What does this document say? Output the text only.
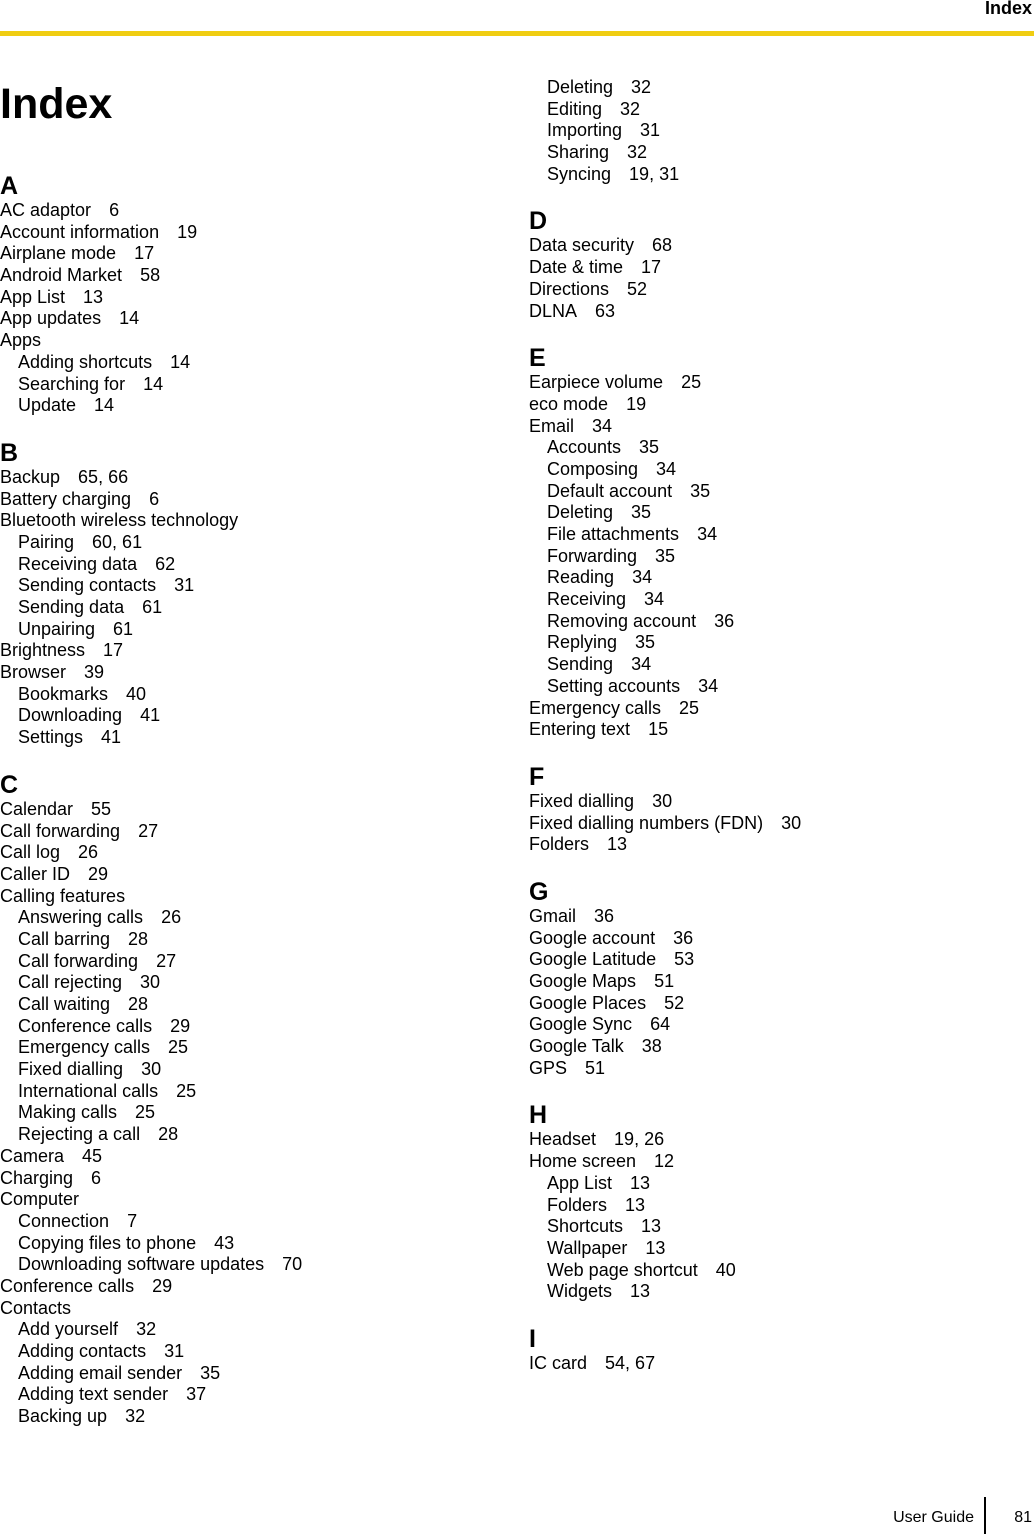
Index
Index
A
AC adaptor 6
Account information 19
Airplane mode 17
Android Market 58
App List 13
App updates 14
Apps
Adding shortcuts 14
Searching for 14
Update 14
B
Backup 65, 66
Battery charging 6
Bluetooth wireless technology
Pairing 60, 61
Receiving data 62
Sending contacts 31
Sending data 61
Unpairing 61
Brightness 17
Browser 39
Bookmarks 40
Downloading 41
Settings 41
C
Calendar 55
Call forwarding 27
Call log 26
Caller ID 29
Calling features
Answering calls 26
Call barring 28
Call forwarding 27
Call rejecting 30
Call waiting 28
Conference calls 29
Emergency calls 25
Fixed dialling 30
International calls 25
Making calls 25
Rejecting a call 28
Camera 45
Charging 6
Computer
Connection 7
Copying files to phone 43
Downloading software updates 70
Conference calls 29
Contacts
Add yourself 32
Adding contacts 31
Adding email sender 35
Adding text sender 37
Backing up 32
Deleting 32
Editing 32
Importing 31
Sharing 32
Syncing 19, 31
D
Data security 68
Date & time 17
Directions 52
DLNA 63
E
Earpiece volume 25
eco mode 19
Email 34
Accounts 35
Composing 34
Default account 35
Deleting 35
File attachments 34
Forwarding 35
Reading 34
Receiving 34
Removing account 36
Replying 35
Sending 34
Setting accounts 34
Emergency calls 25
Entering text 15
F
Fixed dialling 30
Fixed dialling numbers (FDN) 30
Folders 13
G
Gmail 36
Google account 36
Google Latitude 53
Google Maps 51
Google Places 52
Google Sync 64
Google Talk 38
GPS 51
H
Headset 19, 26
Home screen 12
App List 13
Folders 13
Shortcuts 13
Wallpaper 13
Web page shortcut 40
Widgets 13
I
IC card 54, 67
User Guide	81
